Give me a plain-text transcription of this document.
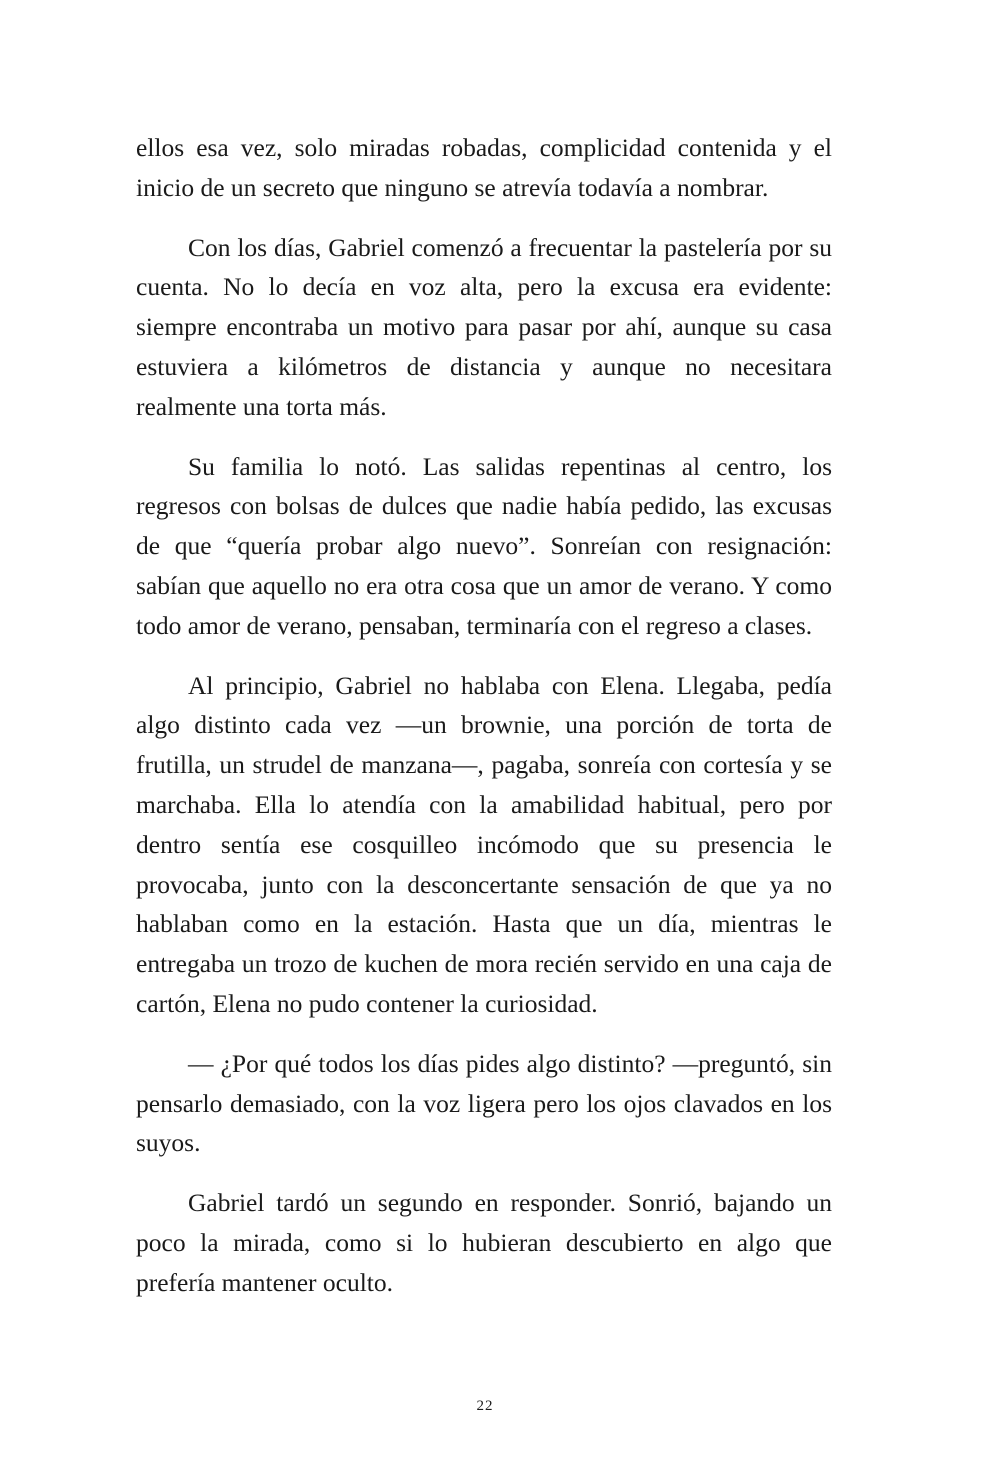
ellos esa vez, solo miradas robadas, complicidad contenida y el inicio de un secreto que ninguno se atrevía todavía a nombrar.

Con los días, Gabriel comenzó a frecuentar la pastelería por su cuenta. No lo decía en voz alta, pero la excusa era evidente: siempre encontraba un motivo para pasar por ahí, aunque su casa estuviera a kilómetros de distancia y aunque no necesitara realmente una torta más.

Su familia lo notó. Las salidas repentinas al centro, los regresos con bolsas de dulces que nadie había pedido, las excusas de que “quería probar algo nuevo”. Sonreían con resignación: sabían que aquello no era otra cosa que un amor de verano. Y como todo amor de verano, pensaban, terminaría con el regreso a clases.

Al principio, Gabriel no hablaba con Elena. Llegaba, pedía algo distinto cada vez —un brownie, una porción de torta de frutilla, un strudel de manzana—, pagaba, sonreía con cortesía y se marchaba. Ella lo atendía con la amabilidad habitual, pero por dentro sentía ese cosquilleo incómodo que su presencia le provocaba, junto con la desconcertante sensación de que ya no hablaban como en la estación. Hasta que un día, mientras le entregaba un trozo de kuchen de mora recién servido en una caja de cartón, Elena no pudo contener la curiosidad.

— ¿Por qué todos los días pides algo distinto? —preguntó, sin pensarlo demasiado, con la voz ligera pero los ojos clavados en los suyos.

Gabriel tardó un segundo en responder. Sonrió, bajando un poco la mirada, como si lo hubieran descubierto en algo que prefería mantener oculto.

22
